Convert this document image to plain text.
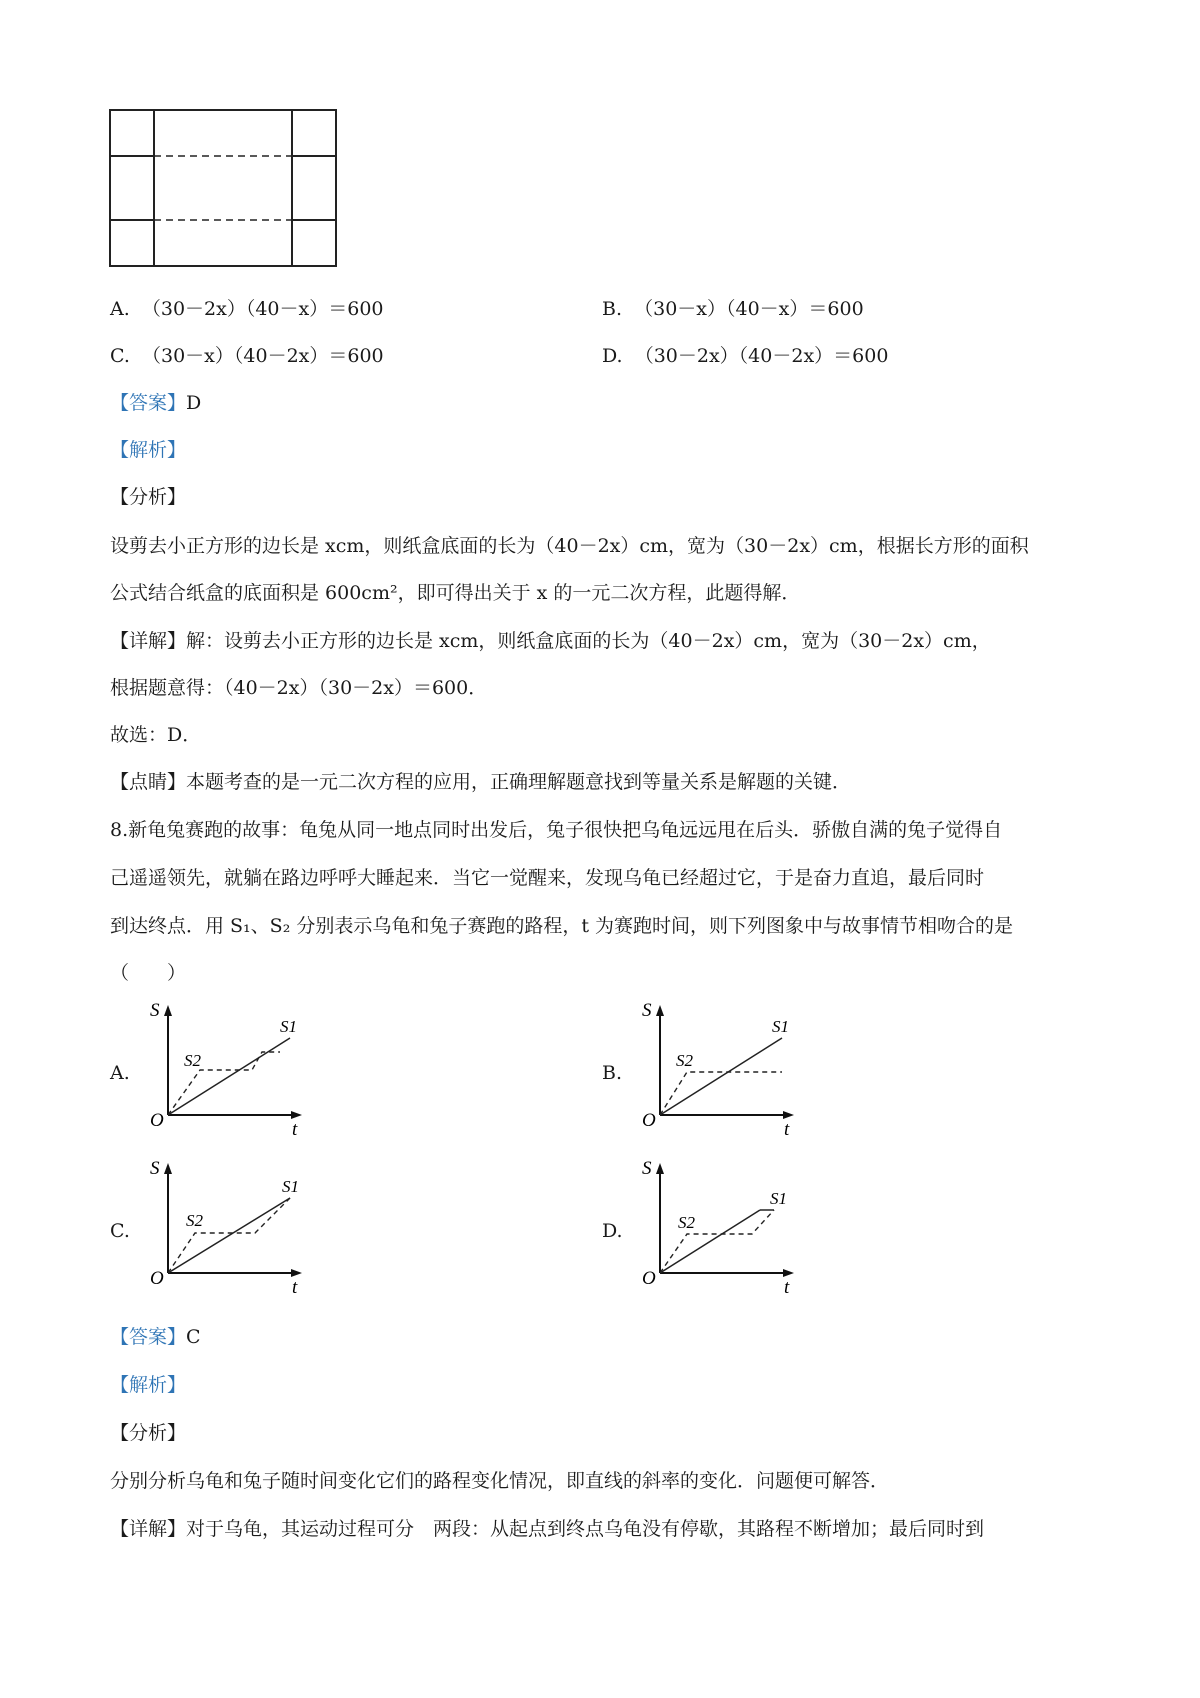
A. （30－2x）（40－x）＝600	B. （30－x）（40－x）＝600
C. （30－x）（40－2x）＝600	D. （30－2x）（40－2x）＝600
【答案】D
【解析】
【分析】
设剪去小正方形的边长是 xcm，则纸盒底面的长为（40－2x）cm，宽为（30－2x）cm，根据长方形的面积
公式结合纸盒的底面积是 600cm²，即可得出关于 x 的一元二次方程，此题得解．
【详解】解：设剪去小正方形的边长是 xcm，则纸盒底面的长为（40－2x）cm，宽为（30－2x）cm，
根据题意得：（40－2x）（30－2x）＝600．
故选：D．
【点睛】本题考查的是一元二次方程的应用，正确理解题意找到等量关系是解题的关键．
8.新龟兔赛跑的故事：龟兔从同一地点同时出发后，兔子很快把乌龟远远甩在后头．骄傲自满的兔子觉得自
己遥遥领先，就躺在路边呼呼大睡起来．当它一觉醒来，发现乌龟已经超过它，于是奋力直追，最后同时
到达终点．用 S₁、S₂ 分别表示乌龟和兔子赛跑的路程，t 为赛跑时间，则下列图象中与故事情节相吻合的是
（　　）
A.	B.
C.	D.
S
t
O
S1
S2
S
t
O
S1
S2
S
t
O
S1
S2
S
t
O
S1
S2
【答案】C
【解析】
【分析】
分别分析乌龟和兔子随时间变化它们的路程变化情况，即直线的斜率的变化．问题便可解答．
【详解】对于乌龟，其运动过程可分　两段：从起点到终点乌龟没有停歇，其路程不断增加；最后同时到
